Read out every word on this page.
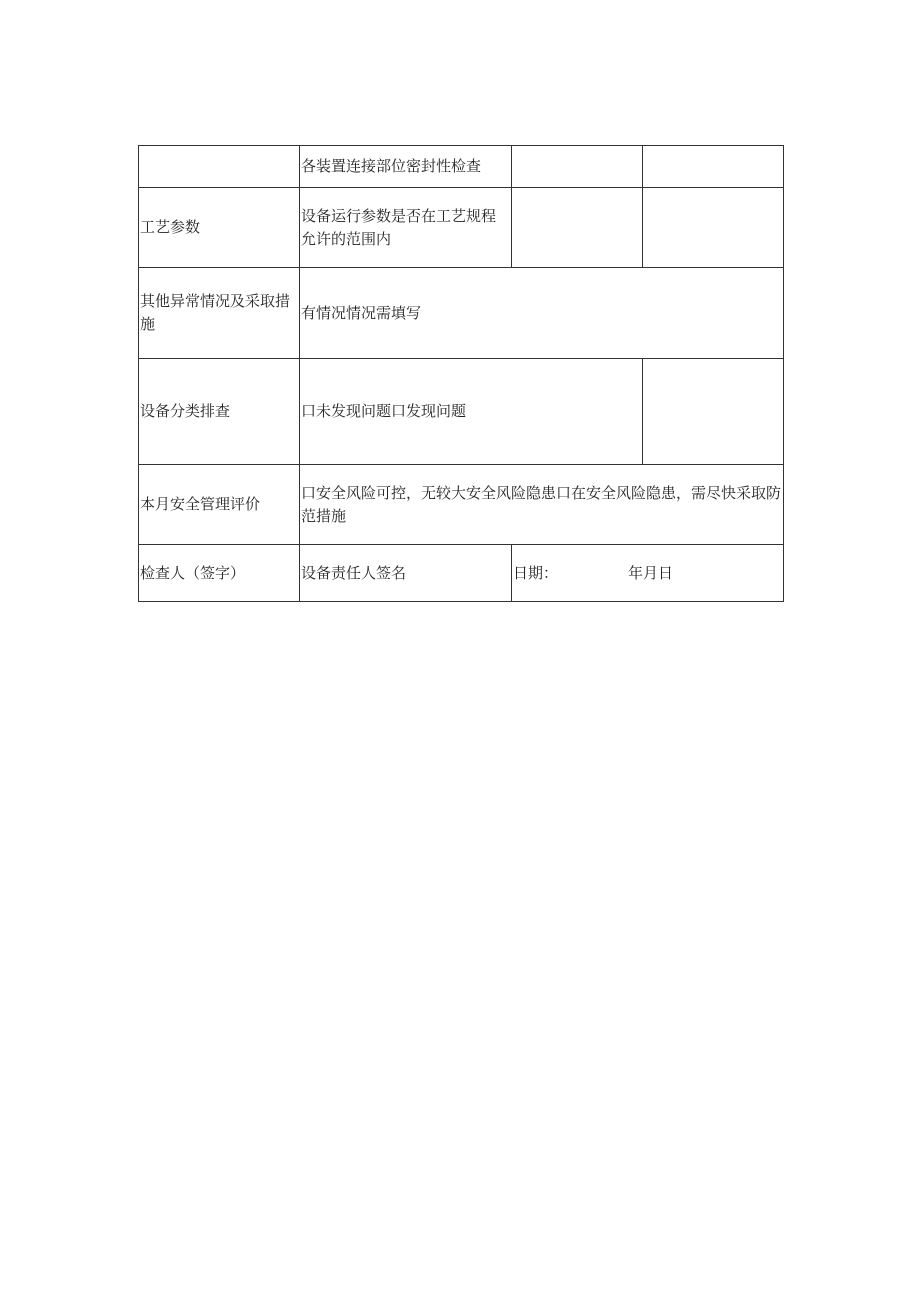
	各装置连接部位密封性检查		
工艺参数	设备运行参数是否在工艺规程允许的范围内		
其他异常情况及采取措施	有情况情况需填写		
设备分类排查	口未发现问题口发现问题		
本月安全管理评价	口安全风险可控，无较大安全风险隐患口在安全风险隐患，需尽快采取防范措施		
检查人（签字）	设备责任人签名	日期： 年月日	
